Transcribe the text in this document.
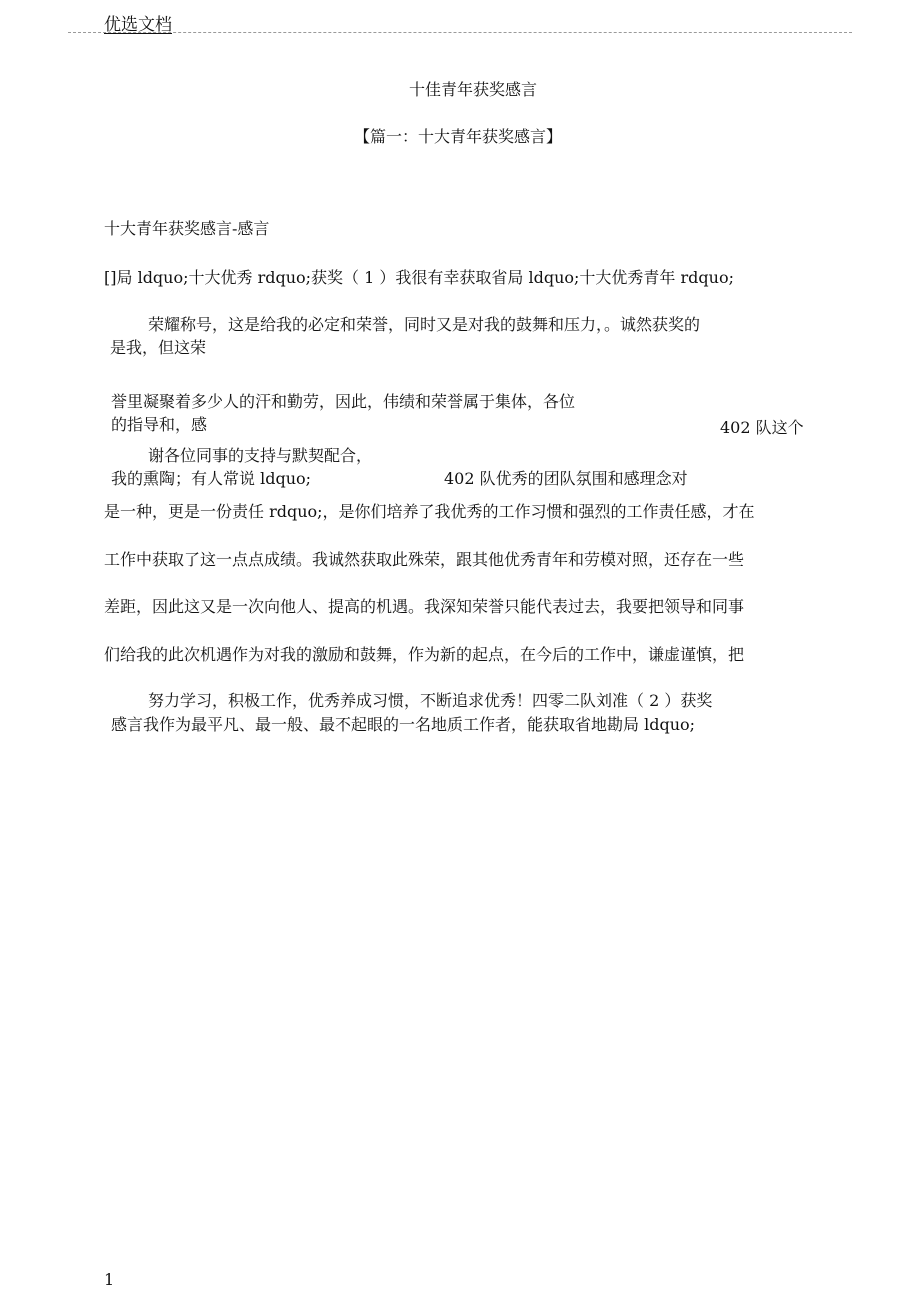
优选文档
十佳青年获奖感言
【篇一：十大青年获奖感言】
十大青年获奖感言-感言
[]局 ldquo;十大优秀 rdquo;获奖（ 1 ）我很有幸获取省局 ldquo;十大优秀青年 rdquo;
荣耀称号，这是给我的必定和荣誉，同时又是对我的鼓舞和压力，。诚然获奖的
是我，但这荣
誉里凝聚着多少人的汗和勤劳，因此，伟绩和荣誉属于集体，各位
的指导和，感	402 队这个
谢各位同事的支持与默契配合，
我的熏陶；有人常说 ldquo;	402 队优秀的团队氛围和感理念对
是一种，更是一份责任 rdquo;，是你们培养了我优秀的工作习惯和强烈的工作责任感，才在
工作中获取了这一点点成绩。我诚然获取此殊荣，跟其他优秀青年和劳模对照，还存在一些
差距，因此这又是一次向他人、提高的机遇。我深知荣誉只能代表过去，我要把领导和同事
们给我的此次机遇作为对我的激励和鼓舞，作为新的起点，在今后的工作中，谦虚谨慎，把
努力学习，积极工作，优秀养成习惯，不断追求优秀！四零二队刘准（ 2 ）获奖
感言我作为最平凡、最一般、最不起眼的一名地质工作者，能获取省地勘局 ldquo;
1
